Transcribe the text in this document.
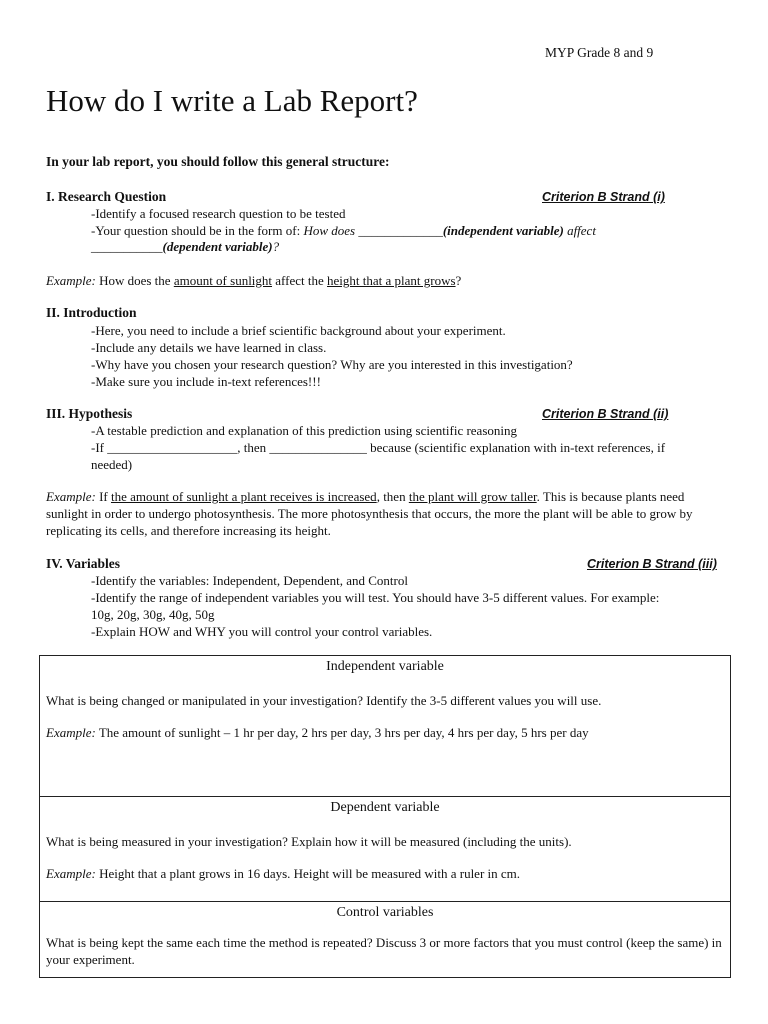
MYP Grade 8 and 9
How do I write a Lab Report?
In your lab report, you should follow this general structure:
I. Research Question	Criterion B Strand (i)
-Identify a focused research question to be tested
-Your question should be in the form of: How does _____________(independent variable) affect
___________(dependent variable)?
Example: How does the amount of sunlight affect the height that a plant grows?
II. Introduction
-Here, you need to include a brief scientific background about your experiment.
-Include any details we have learned in class.
-Why have you chosen your research question? Why are you interested in this investigation?
-Make sure you include in-text references!!!
III. Hypothesis	Criterion B Strand (ii)
-A testable prediction and explanation of this prediction using scientific reasoning
-If ____________________, then _______________ because (scientific explanation with in-text references, if
needed)
Example: If the amount of sunlight a plant receives is increased, then the plant will grow taller. This is because plants need sunlight in order to undergo photosynthesis. The more photosynthesis that occurs, the more the plant will be able to grow by replicating its cells, and therefore increasing its height.
IV. Variables	Criterion B Strand (iii)
-Identify the variables: Independent, Dependent, and Control
-Identify the range of independent variables you will test. You should have 3-5 different values. For example:
10g, 20g, 30g, 40g, 50g
-Explain HOW and WHY you will control your control variables.
Independent variable
What is being changed or manipulated in your investigation? Identify the 3-5 different values you will use.
Example: The amount of sunlight – 1 hr per day, 2 hrs per day, 3 hrs per day, 4 hrs per day, 5 hrs per day
Dependent variable
What is being measured in your investigation? Explain how it will be measured (including the units).
Example: Height that a plant grows in 16 days. Height will be measured with a ruler in cm.
Control variables
What is being kept the same each time the method is repeated? Discuss 3 or more factors that you must control (keep the same) in your experiment.
